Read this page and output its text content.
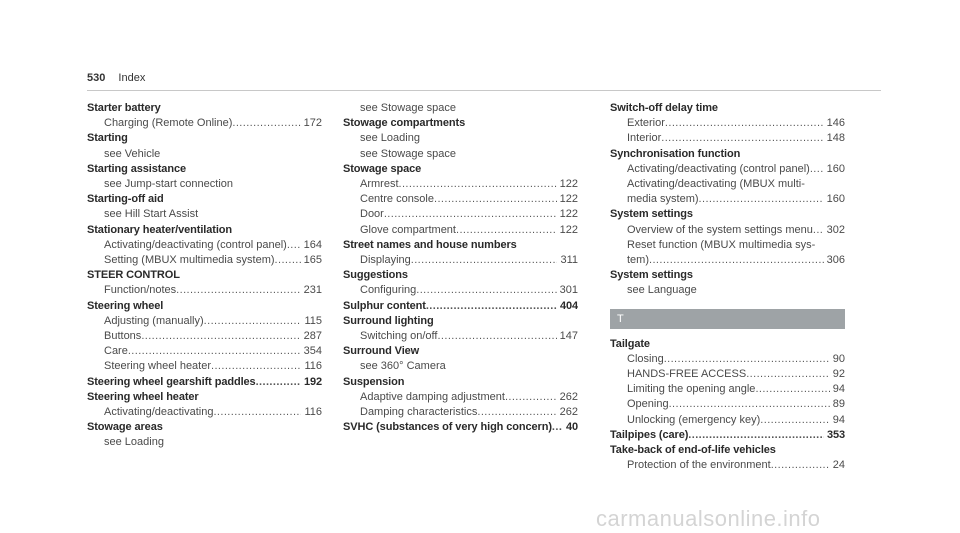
530 Index
Starter battery
Charging (Remote Online) .....	172
Starting
see Vehicle
Starting assistance
see Jump-start connection
Starting-off aid
see Hill Start Assist
Stationary heater/ventilation
Activating/deactivating (control panel) ..... 164
Setting (MBUX multimedia system) .....	165
STEER CONTROL
Function/notes .....	231
Steering wheel
Adjusting (manually) .....	115
Buttons .....	287
Care .....	354
Steering wheel heater .....	116
Steering wheel gearshift paddles .....	192
Steering wheel heater
Activating/deactivating .....	116
Stowage areas
see Loading
see Stowage space
Stowage compartments
see Loading
see Stowage space
Stowage space
Armrest .....	122
Centre console .....	122
Door .....	122
Glove compartment .....	122
Street names and house numbers
Displaying .....	311
Suggestions
Configuring .....	301
Sulphur content .....	404
Surround lighting
Switching on/off .....	147
Surround View
see 360° Camera
Suspension
Adaptive damping adjustment .....	262
Damping characteristics .....	262
SVHC (substances of very high concern) ..... 40
Switch-off delay time
Exterior .....	146
Interior .....	148
Synchronisation function
Activating/deactivating (control panel) ..... 160
Activating/deactivating (MBUX multi-
media system) .....	160
System settings
Overview of the system settings menu ..... 302
Reset function (MBUX multimedia sys-
tem) .....	306
System settings
see Language
T
Tailgate
Closing .....	90
HANDS-FREE ACCESS .....	92
Limiting the opening angle .....	94
Opening .....	89
Unlocking (emergency key) .....	94
Tailpipes (care) .....	353
Take-back of end-of-life vehicles
Protection of the environment .....	24
carmanualsonline.info
